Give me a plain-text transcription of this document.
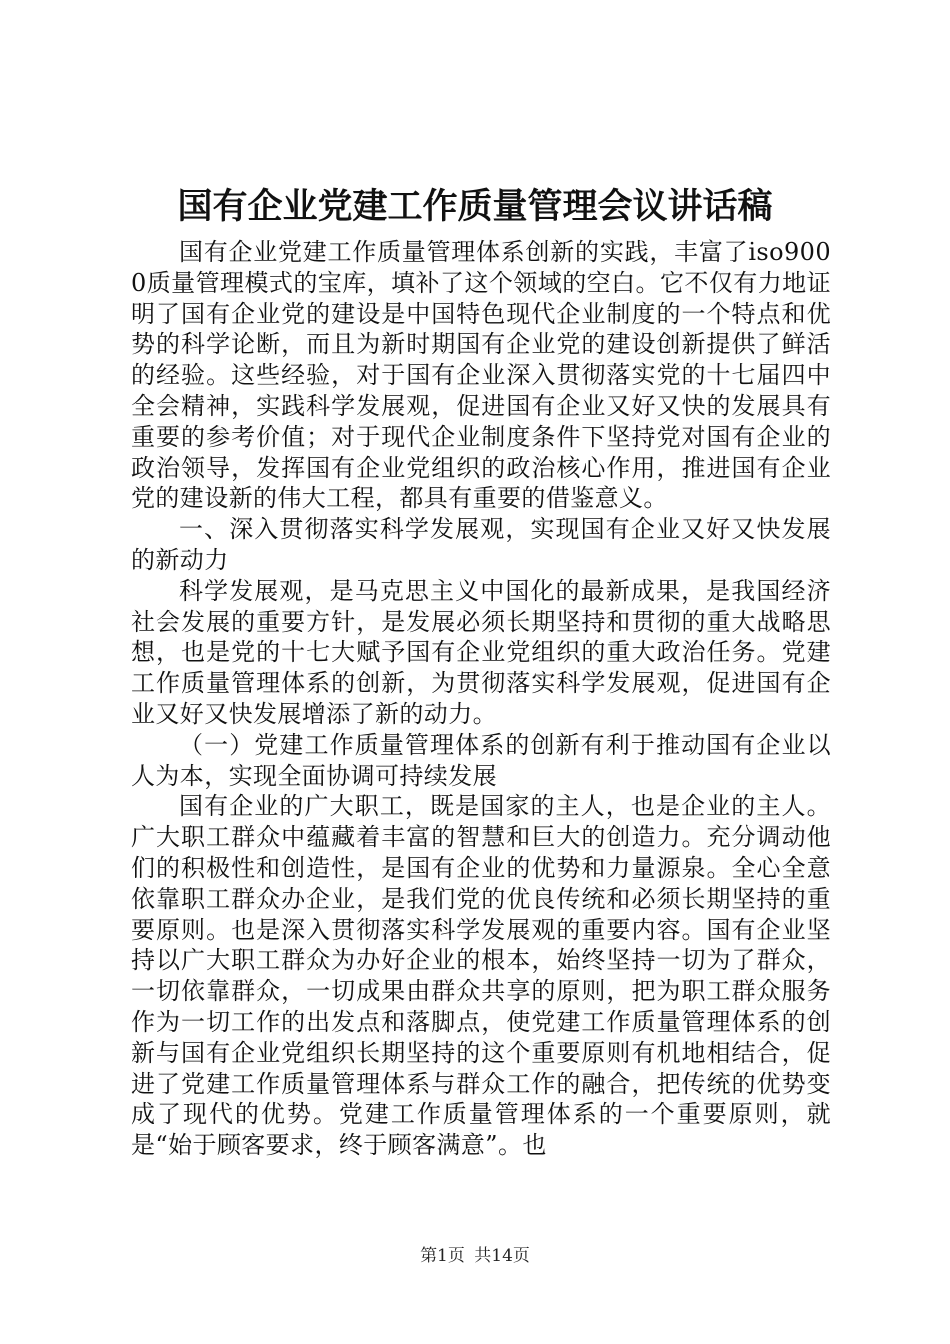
国有企业党建工作质量管理会议讲话稿

国有企业党建工作质量管理体系创新的实践，丰富了iso9000质量管理模式的宝库，填补了这个领域的空白。它不仅有力地证明了国有企业党的建设是中国特色现代企业制度的一个特点和优势的科学论断，而且为新时期国有企业党的建设创新提供了鲜活的经验。这些经验，对于国有企业深入贯彻落实党的十七届四中全会精神，实践科学发展观，促进国有企业又好又快的发展具有重要的参考价值；对于现代企业制度条件下坚持党对国有企业的政治领导，发挥国有企业党组织的政治核心作用，推进国有企业党的建设新的伟大工程，都具有重要的借鉴意义。

一、深入贯彻落实科学发展观，实现国有企业又好又快发展的新动力

科学发展观，是马克思主义中国化的最新成果，是我国经济社会发展的重要方针，是发展必须长期坚持和贯彻的重大战略思想，也是党的十七大赋予国有企业党组织的重大政治任务。党建工作质量管理体系的创新，为贯彻落实科学发展观，促进国有企业又好又快发展增添了新的动力。

（一）党建工作质量管理体系的创新有利于推动国有企业以人为本，实现全面协调可持续发展

国有企业的广大职工，既是国家的主人，也是企业的主人。广大职工群众中蕴藏着丰富的智慧和巨大的创造力。充分调动他们的积极性和创造性，是国有企业的优势和力量源泉。全心全意依靠职工群众办企业，是我们党的优良传统和必须长期坚持的重要原则。也是深入贯彻落实科学发展观的重要内容。国有企业坚持以广大职工群众为办好企业的根本，始终坚持一切为了群众，一切依靠群众，一切成果由群众共享的原则，把为职工群众服务作为一切工作的出发点和落脚点，使党建工作质量管理体系的创新与国有企业党组织长期坚持的这个重要原则有机地相结合，促进了党建工作质量管理体系与群众工作的融合，把传统的优势变成了现代的优势。党建工作质量管理体系的一个重要原则，就是“始于顾客要求，终于顾客满意”。也

第1页 共14页
